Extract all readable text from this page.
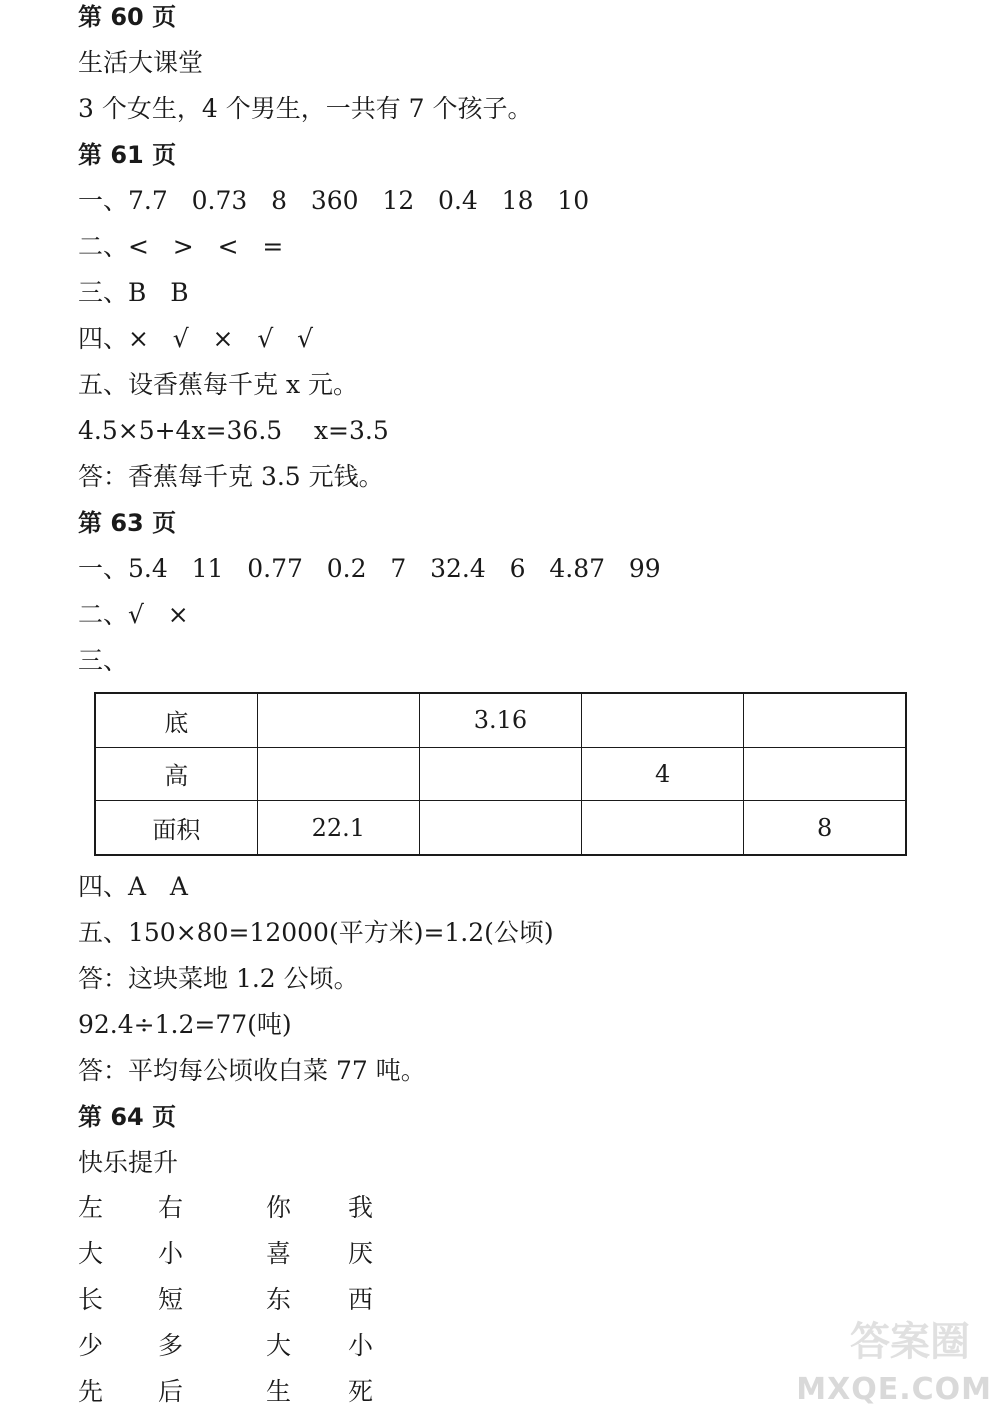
第 60 页
生活大课堂
3 个女生，4 个男生，一共有 7 个孩子。
第 61 页
一、7.7   0.73   8   360   12   0.4   18   10
二、<   >   <   =
三、B   B
四、×   √   ×   √   √
五、设香蕉每千克 x 元。
4.5×5+4x=36.5    x=3.5
答：香蕉每千克 3.5 元钱。
第 63 页
一、5.4   11   0.77   0.2   7   32.4   6   4.87   99
二、√   ×
三、
底		3.16		
高			4	
面积	22.1			8
四、A   A
五、150×80=12000(平方米)=1.2(公顷)
答：这块菜地 1.2 公顷。
92.4÷1.2=77(吨)
答：平均每公顷收白菜 77 吨。
第 64 页
快乐提升
左 右	你 我
大 小	喜 厌
长 短	东 西
少 多	大 小
先 后	生 死
答案圈
MXQE.COM
